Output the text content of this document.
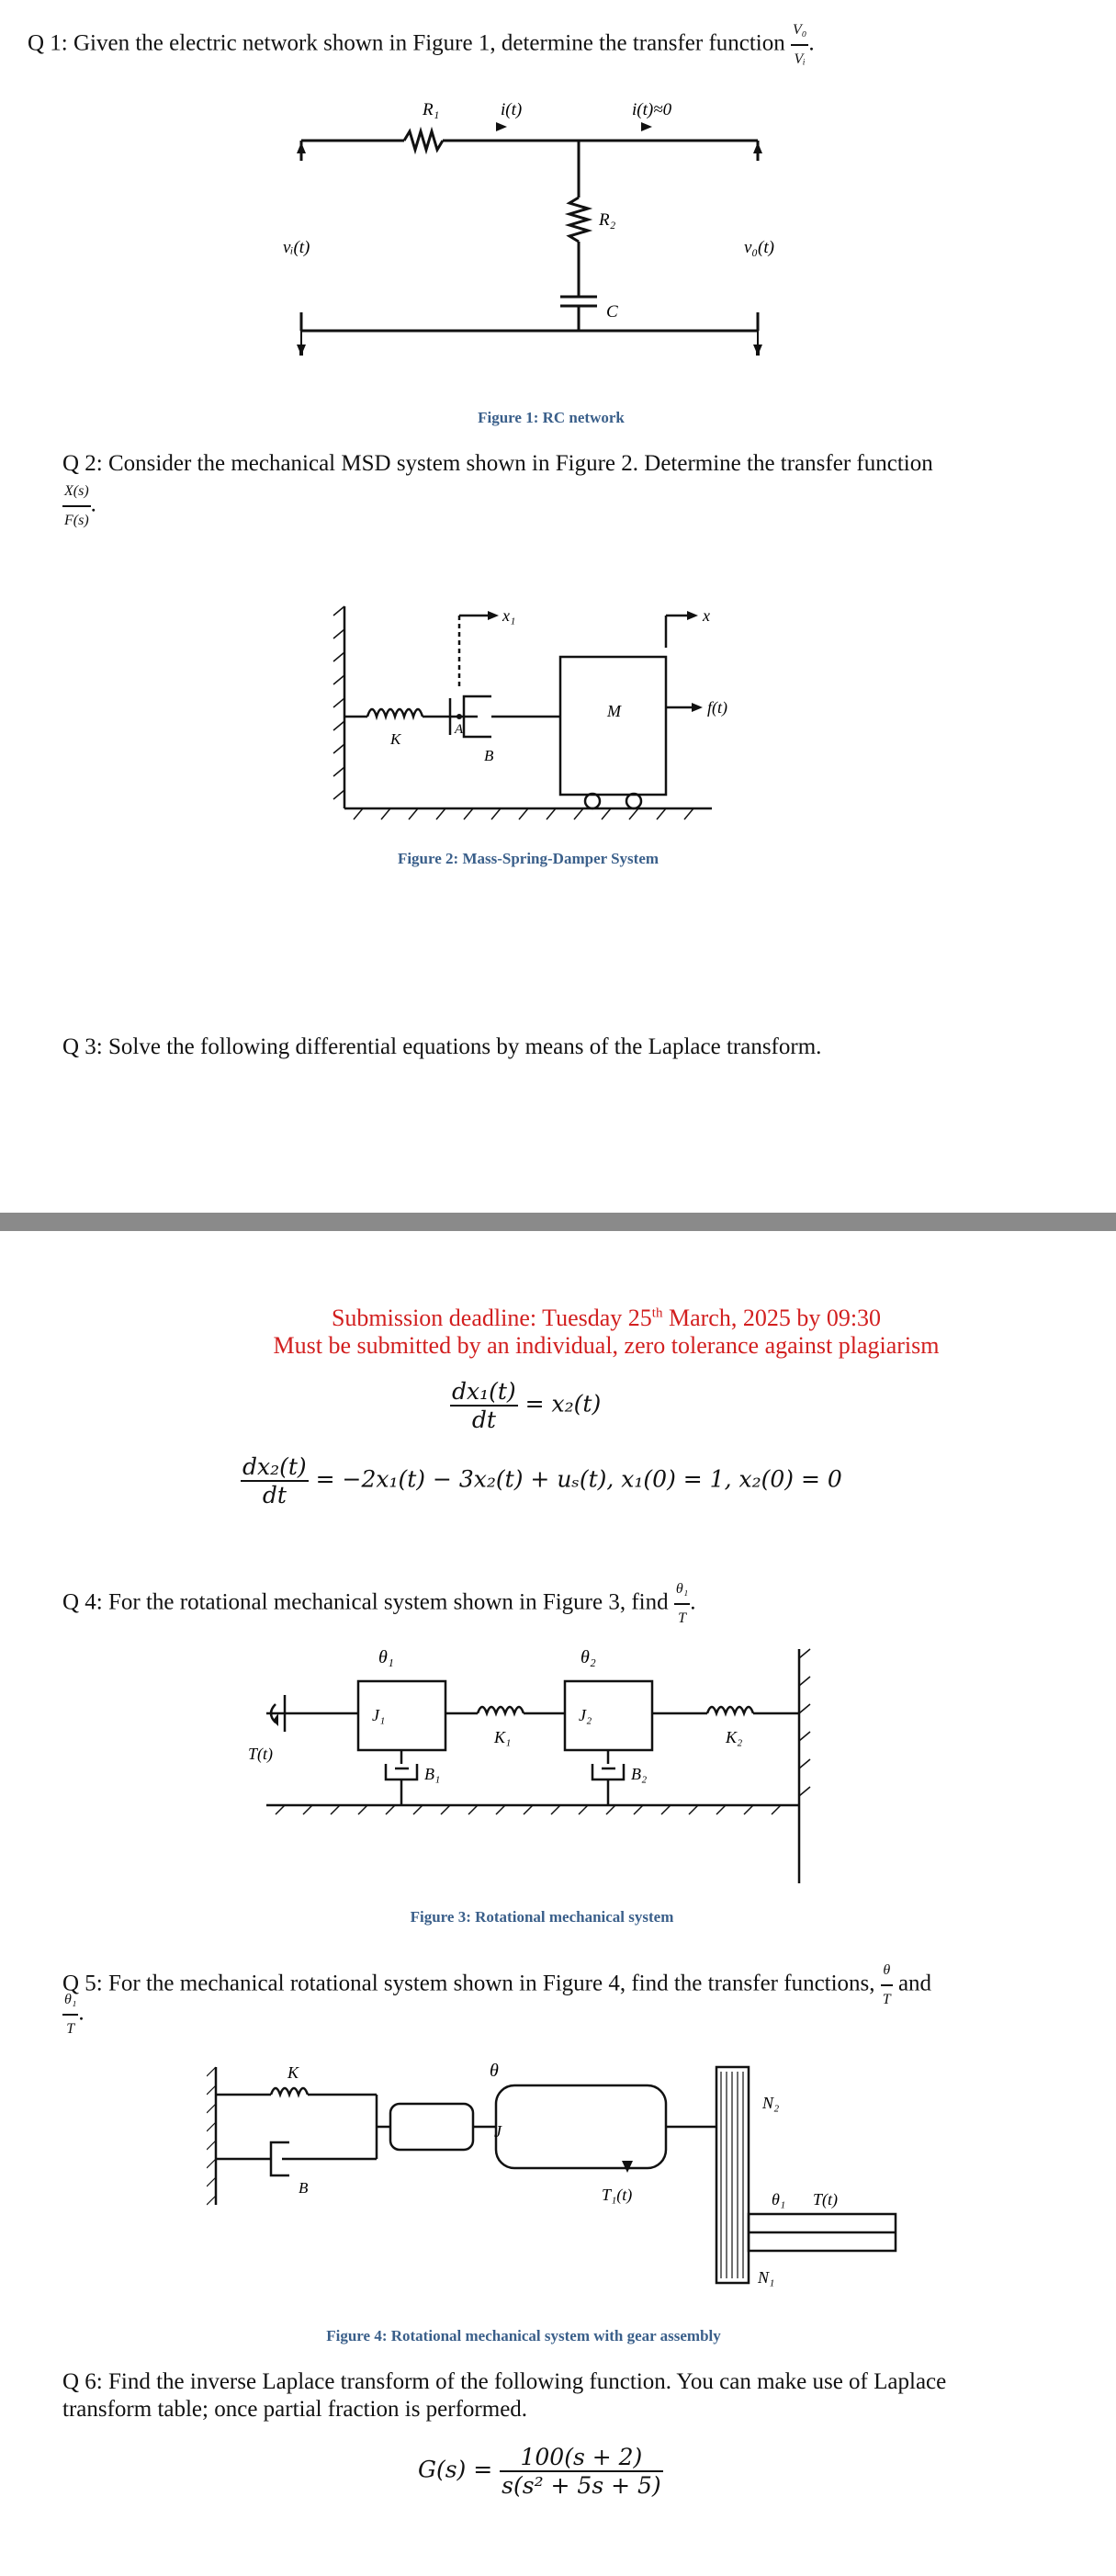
Q 1: Given the electric network shown in Figure 1, determine the transfer function $\frac{\text{V₀}}{\text{Vᵢ}}$ .
R₁	i(t)	i(t)≈0
R₂
C
vᵢ(t)	v₀(t)
Figure 1: RC network
Q 2: Consider the mechanical MSD system shown in Figure 2. Determine the transfer function
$\frac{X(s)}{F(s)}$ .
x₁	x
K
A
B
M	f(t)
Figure 2: Mass-Spring-Damper System
Q 3: Solve the following differential equations by means of the Laplace transform.
Submission deadline: Tuesday 25th March, 2025 by 09:30
Must be submitted by an individual, zero tolerance against plagiarism
$\frac{\text{dx₁(t)}}{dt} = x_2(t)$
$\frac{\text{dx₂(t)}}{dt} = -2x_1(t) - 3x_2(t) + u_s(t)$, x₁(0) = 1, x₂(0) = 0
Q 4: For the rotational mechanical system shown in Figure 3, find $\frac{\text{θ₁}}{T}$ .
θ₁	θ₂
J₁	J₂
K₁	K₂
B₁	B₂
T(t)
Figure 3: Rotational mechanical system
Q 5: For the mechanical rotational system shown in Figure 4, find the transfer functions, $\frac{\theta}{T}$ and
$\frac{\text{θ₁}}{T}$ .
K
B
θ
J
T₁(t)
N₂
N₁
θ₁ T(t)
Figure 4: Rotational mechanical system with gear assembly
Q 6: Find the inverse Laplace transform of the following function. You can make use of Laplace
transform table; once partial fraction is performed.
$G(s) = \frac{100(s + 2)}{\text{s(s² + 5s + 5)}}$
